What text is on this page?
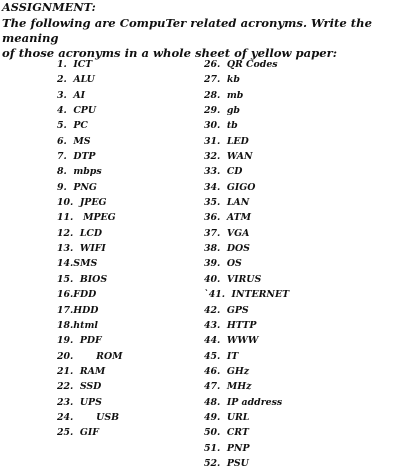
ASSIGNMENT:
The following are CompuTer related acronyms. Write the meaning
of those acronyms in a whole sheet of yellow paper:
1.  ICT
2.  ALU
3.  AI
4.  CPU
5.  PC
6.  MS
7.  DTP
8.  mbps
9.  PNG
10.  JPEG
11.   MPEG
12.  LCD
13.  WIFI
14.SMS
15.  BIOS
16.FDD
17.HDD
18.html
19.  PDF
20.       ROM
21.  RAM
22.  SSD
23.  UPS
24.       USB
25.  GIF
26.  QR Codes
27.  kb
28.  mb
29.  gb
30.  tb
31.  LED
32.  WAN
33.  CD
34.  GIGO
35.  LAN
36.  ATM
37.  VGA
38.  DOS
39.  OS
40.  VIRUS
`41.  INTERNET
42.  GPS
43.  HTTP
44.  WWW
45.  IT
46.  GHz
47.  MHz
48.  IP address
49.  URL
50.  CRT
51.  PNP
52.  PSU
